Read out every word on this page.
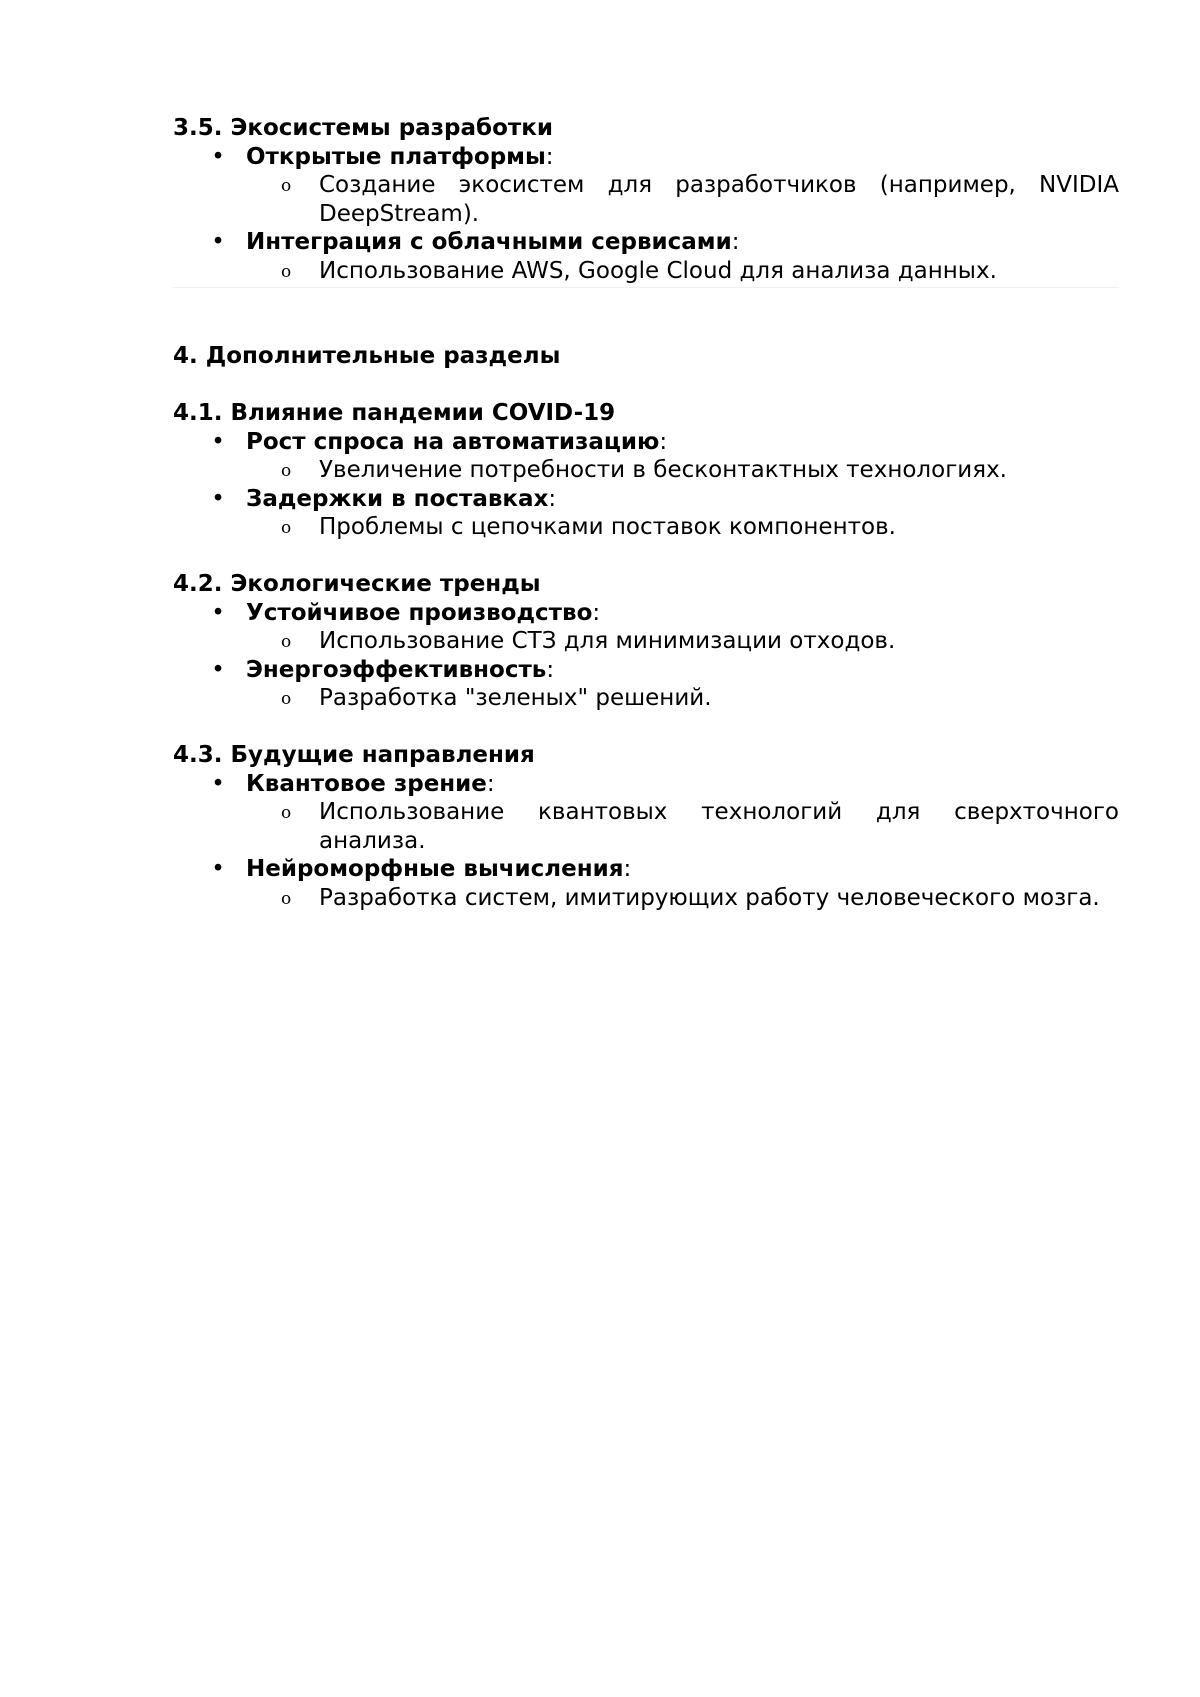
3.5. Экосистемы разработки
• Открытые платформы:
o Создание экосистем для разработчиков (например, NVIDIA DeepStream).
• Интеграция с облачными сервисами:
o Использование AWS, Google Cloud для анализа данных.
4. Дополнительные разделы
4.1. Влияние пандемии COVID-19
• Рост спроса на автоматизацию:
o Увеличение потребности в бесконтактных технологиях.
• Задержки в поставках:
o Проблемы с цепочками поставок компонентов.
4.2. Экологические тренды
• Устойчивое производство:
o Использование СТЗ для минимизации отходов.
• Энергоэффективность:
o Разработка "зеленых" решений.
4.3. Будущие направления
• Квантовое зрение:
o Использование квантовых технологий для сверхточного анализа.
• Нейроморфные вычисления:
o Разработка систем, имитирующих работу человеческого мозга.
